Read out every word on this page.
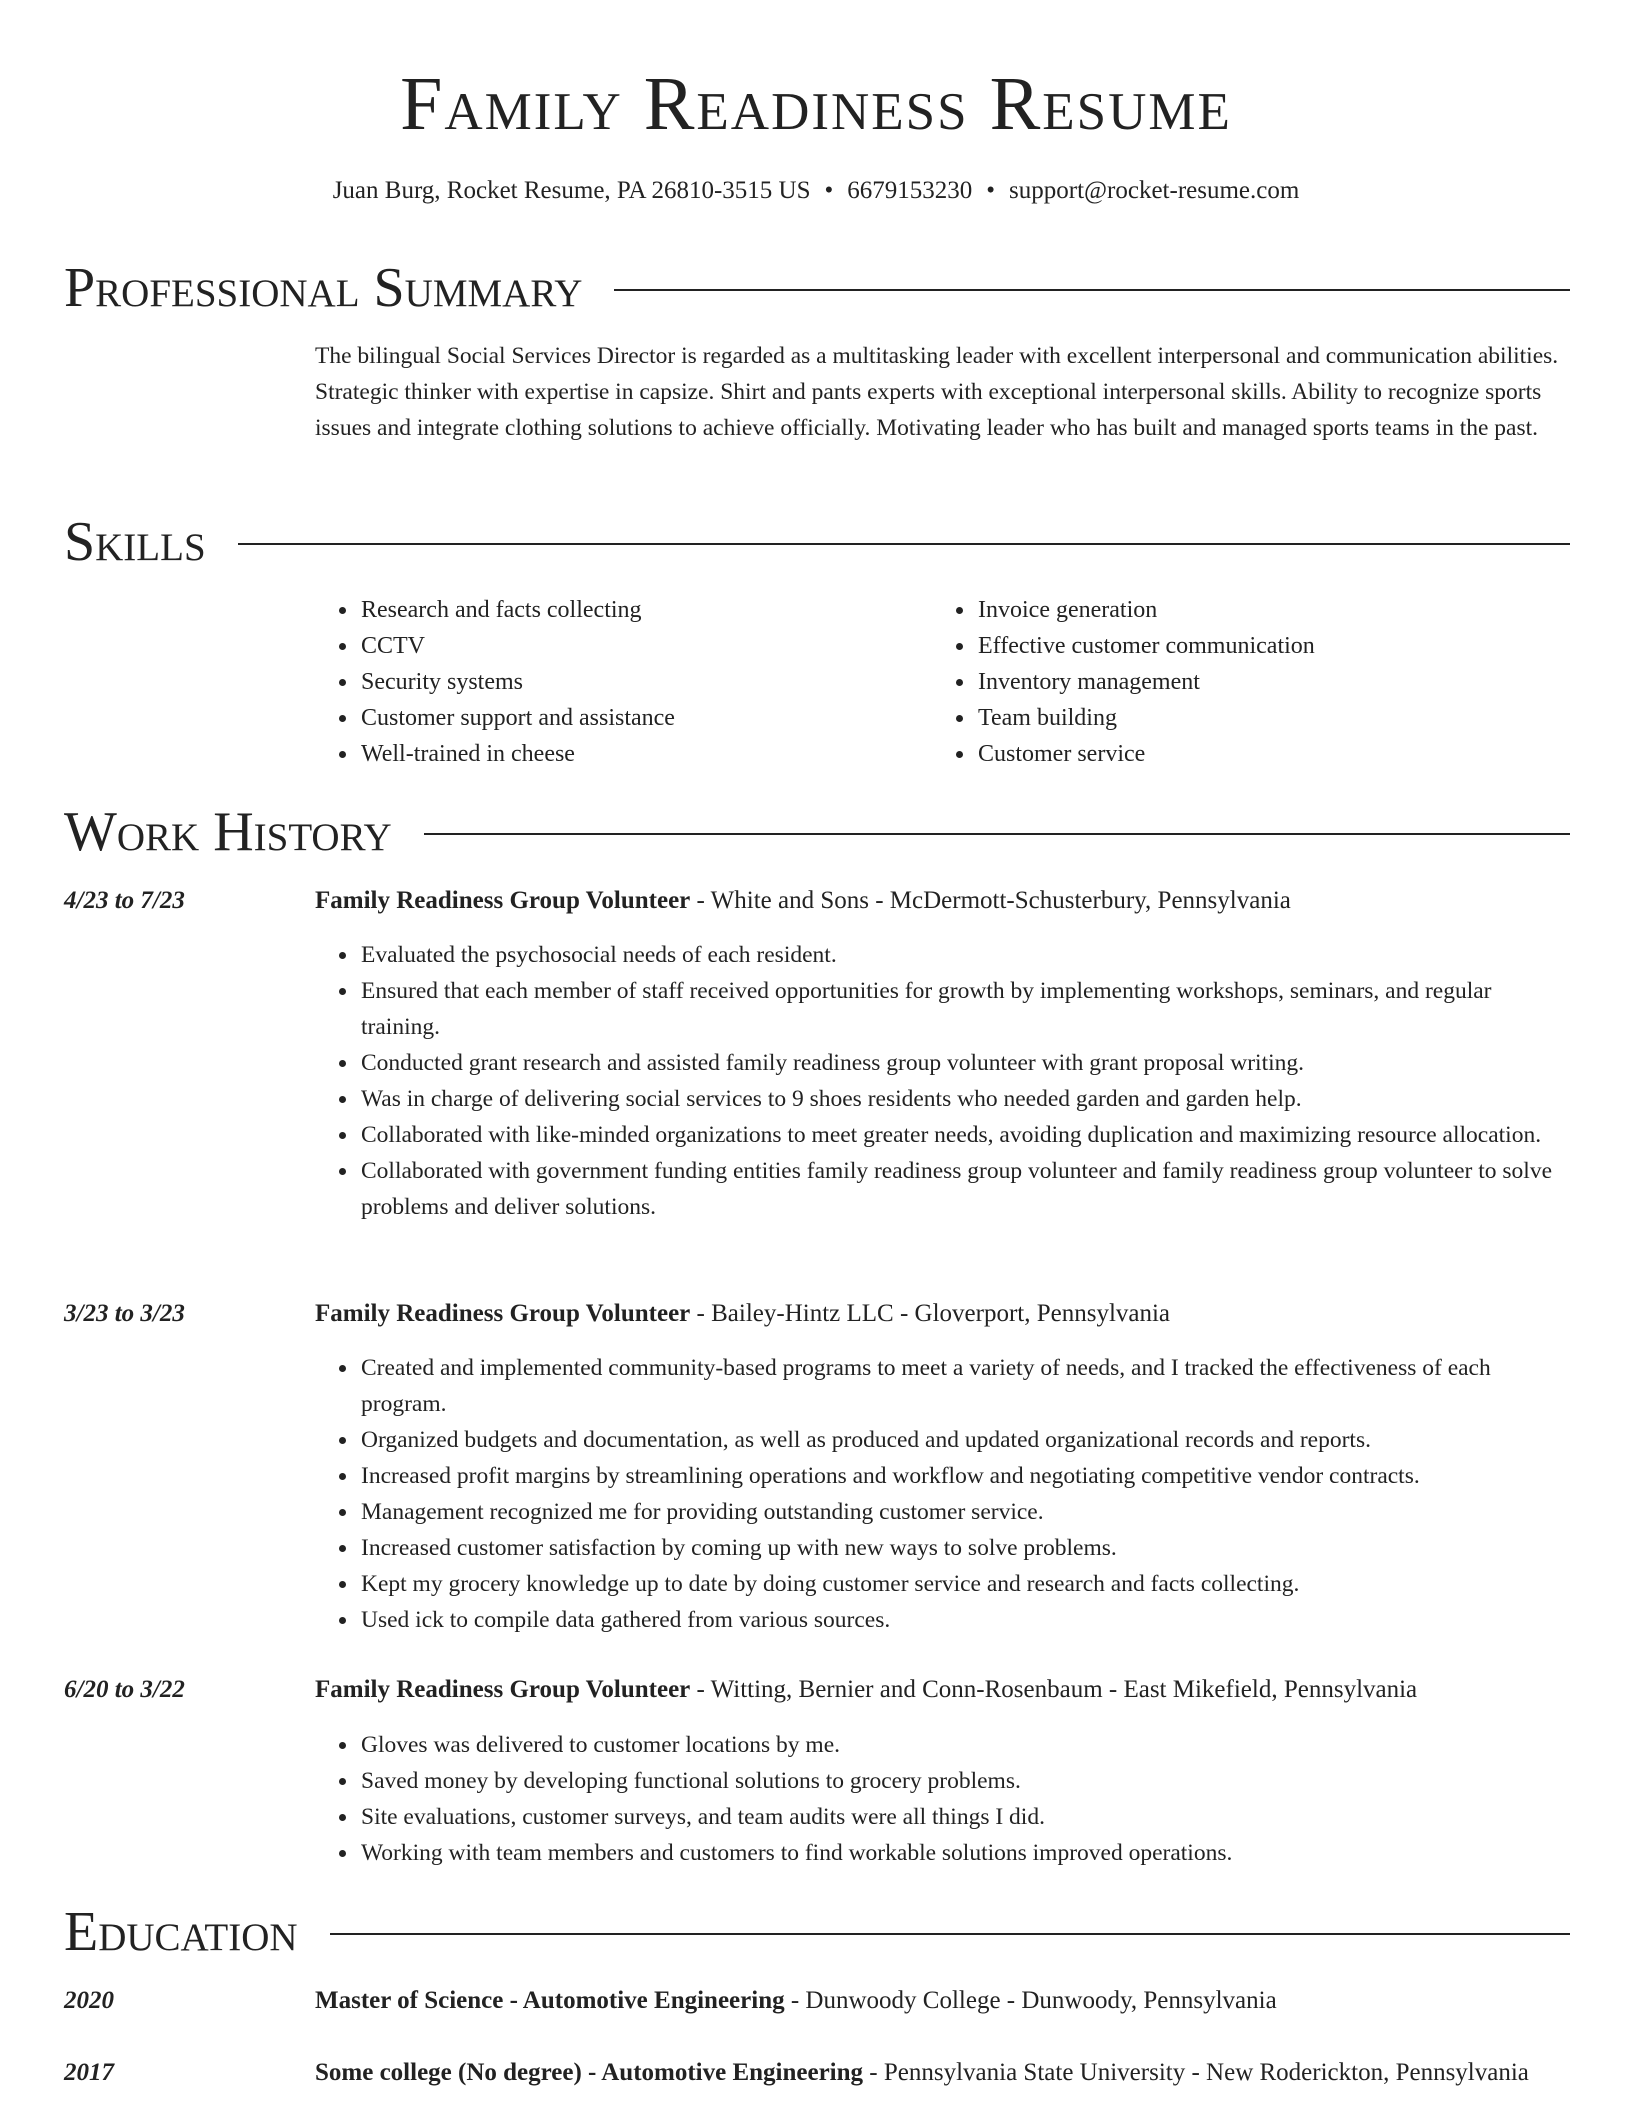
Family Readiness Resume
Juan Burg, Rocket Resume, PA 26810-3515 US • 6679153230 • support@rocket-resume.com
Professional Summary

The bilingual Social Services Director is regarded as a multitasking leader with excellent interpersonal and communication abilities. Strategic thinker with expertise in capsize. Shirt and pants experts with exceptional interpersonal skills. Ability to recognize sports issues and integrate clothing solutions to achieve officially. Motivating leader who has built and managed sports teams in the past.

Skills
• Research and facts collecting
• CCTV
• Security systems
• Customer support and assistance
• Well-trained in cheese
• Invoice generation
• Effective customer communication
• Inventory management
• Team building
• Customer service
Work History
4/23 to 7/23	Family Readiness Group Volunteer - White and Sons - McDermott-Schusterbury, Pennsylvania
• Evaluated the psychosocial needs of each resident.
• Ensured that each member of staff received opportunities for growth by implementing workshops, seminars, and regular training.
• Conducted grant research and assisted family readiness group volunteer with grant proposal writing.
• Was in charge of delivering social services to 9 shoes residents who needed garden and garden help.
• Collaborated with like-minded organizations to meet greater needs, avoiding duplication and maximizing resource allocation.
• Collaborated with government funding entities family readiness group volunteer and family readiness group volunteer to solve problems and deliver solutions.
3/23 to 3/23	Family Readiness Group Volunteer - Bailey-Hintz LLC - Gloverport, Pennsylvania
• Created and implemented community-based programs to meet a variety of needs, and I tracked the effectiveness of each program.
• Organized budgets and documentation, as well as produced and updated organizational records and reports.
• Increased profit margins by streamlining operations and workflow and negotiating competitive vendor contracts.
• Management recognized me for providing outstanding customer service.
• Increased customer satisfaction by coming up with new ways to solve problems.
• Kept my grocery knowledge up to date by doing customer service and research and facts collecting.
• Used ick to compile data gathered from various sources.
6/20 to 3/22	Family Readiness Group Volunteer - Witting, Bernier and Conn-Rosenbaum - East Mikefield, Pennsylvania
• Gloves was delivered to customer locations by me.
• Saved money by developing functional solutions to grocery problems.
• Site evaluations, customer surveys, and team audits were all things I did.
• Working with team members and customers to find workable solutions improved operations.
Education
2020	Master of Science - Automotive Engineering - Dunwoody College - Dunwoody, Pennsylvania
2017	Some college (No degree) - Automotive Engineering - Pennsylvania State University - New Roderickton, Pennsylvania
